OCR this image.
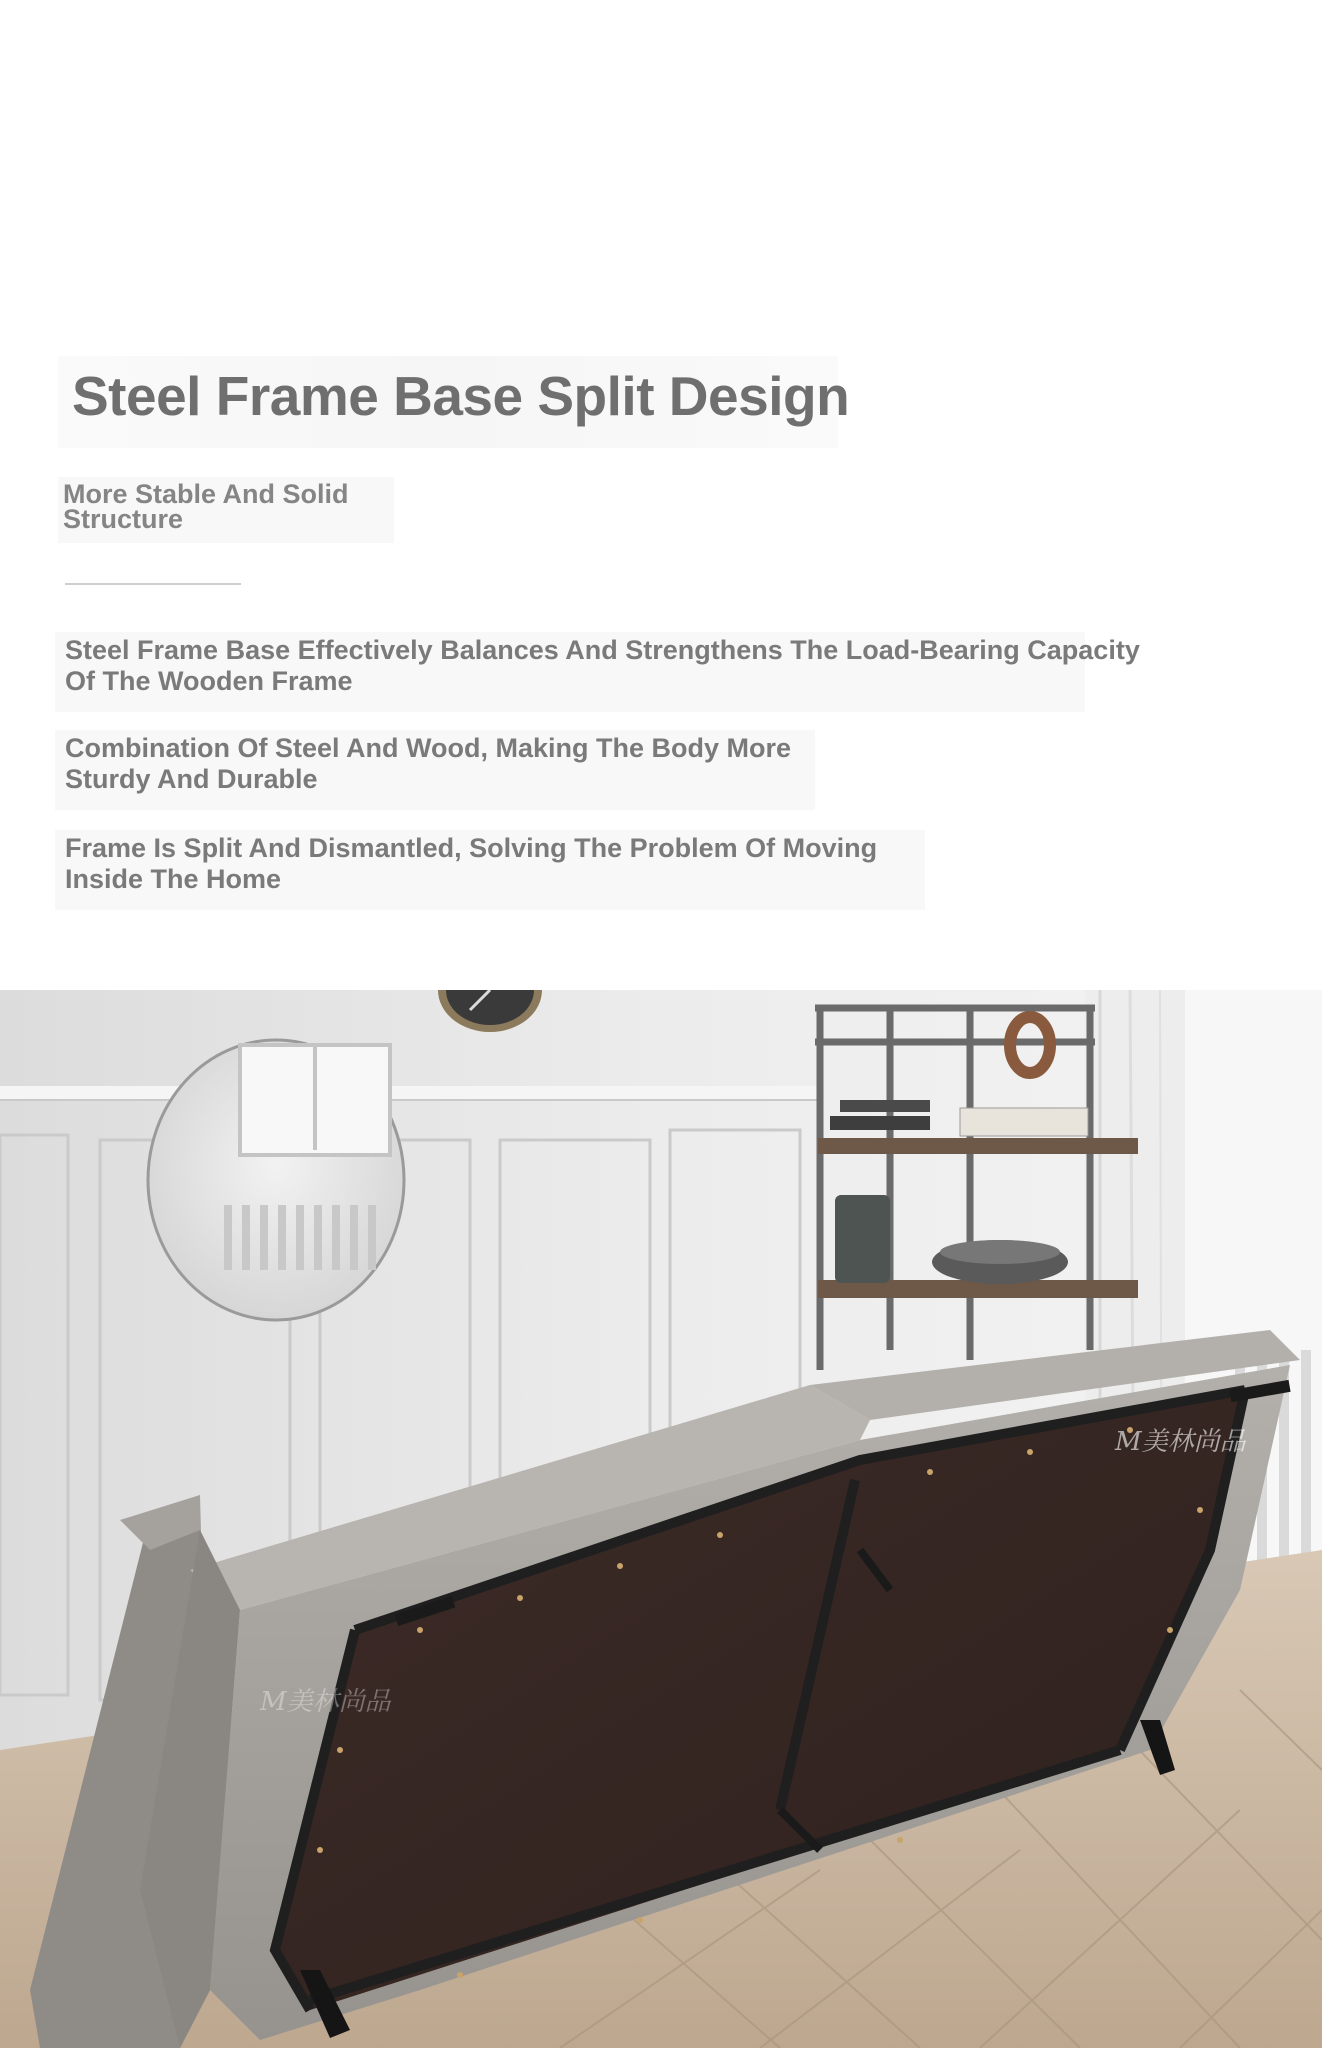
Steel Frame Base Split Design
More Stable And Solid Structure
Steel Frame Base Effectively Balances And Strengthens The Load-Bearing Capacity Of The Wooden Frame
Combination Of Steel And Wood, Making The Body More Sturdy And Durable
Frame Is Split And Dismantled, Solving The Problem Of Moving Inside The Home
M美林尚品
M美林尚品
